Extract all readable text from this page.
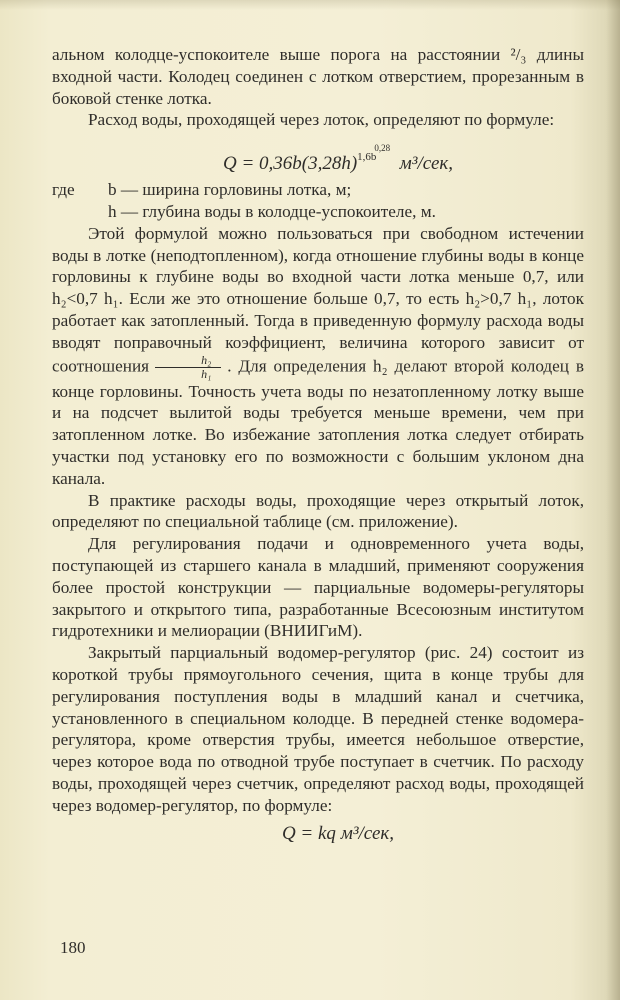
альном колодце-успокоителе выше порога на расстоянии ²/₃ длины входной части. Колодец соединен с лотком отверстием, прорезанным в боковой стенке лотка.

Расход воды, проходящей через лоток, определяют по формуле:

$Q = 0,36b(3,28h)^{1,6b0,28}$  м³/сек,
где	b — ширина горловины лотка, м;
h — глубина воды в колодце-успокоителе, м.

Этой формулой можно пользоваться при свободном истечении воды в лотке (неподтопленном), когда отношение глубины воды в конце горловины к глубине воды во входной части лотка меньше 0,7, или h₂<0,7 h₁. Если же это отношение больше 0,7, то есть h₂>0,7 h₁, лоток работает как затопленный. Тогда в приведенную формулу расхода воды вводят поправочный коэффициент, величина которого зависит от соотношения $\frac{\text{h₂}}{\text{h₁}}$ . Для определения h₂ делают второй колодец в конце горловины. Точность учета воды по незатопленному лотку выше и на подсчет вылитой воды требуется меньше времени, чем при затопленном лотке. Во избежание затопления лотка следует отбирать участки под установку его по возможности с большим уклоном дна канала.

В практике расходы воды, проходящие через открытый лоток, определяют по специальной таблице (см. приложение).

Для регулирования подачи и одновременного учета воды, поступающей из старшего канала в младший, применяют сооружения более простой конструкции — парциальные водомеры-регуляторы закрытого и открытого типа, разработанные Всесоюзным институтом гидротехники и мелиорации (ВНИИГиМ).

Закрытый парциальный водомер-регулятор (рис. 24) состоит из короткой трубы прямоугольного сечения, щита в конце трубы для регулирования поступления воды в младший канал и счетчика, установленного в специальном колодце. В передней стенке водомера-регулятора, кроме отверстия трубы, имеется небольшое отверстие, через которое вода по отводной трубе поступает в счетчик. По расходу воды, проходящей через счетчик, определяют расход воды, проходящей через водомер-регулятор, по формуле:

Q = kq м³/сек,
180
